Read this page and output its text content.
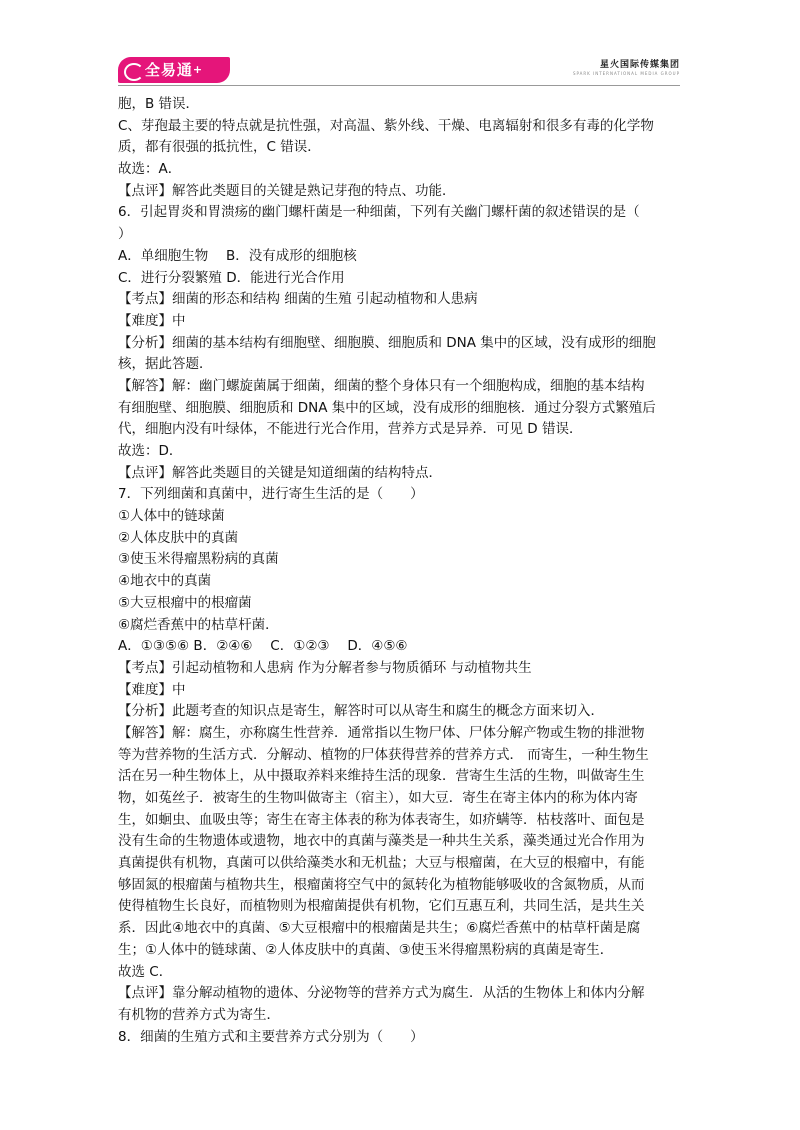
全易通+	星火国际传媒集团
SPARK INTERNATIONAL MEDIA GROUP
胞，B 错误．
C、芽孢最主要的特点就是抗性强，对高温、紫外线、干燥、电离辐射和很多有毒的化学物
质，都有很强的抵抗性，C 错误．
故选：A．
【点评】解答此类题目的关键是熟记芽孢的特点、功能．
6．引起胃炎和胃溃疡的幽门螺杆菌是一种细菌，下列有关幽门螺杆菌的叙述错误的是（
）
A．单细胞生物　 B．没有成形的细胞核
C．进行分裂繁殖 D．能进行光合作用
【考点】细菌的形态和结构 细菌的生殖 引起动植物和人患病
【难度】中
【分析】细菌的基本结构有细胞壁、细胞膜、细胞质和 DNA 集中的区域，没有成形的细胞
核，据此答题．
【解答】解：幽门螺旋菌属于细菌，细菌的整个身体只有一个细胞构成，细胞的基本结构
有细胞壁、细胞膜、细胞质和 DNA 集中的区域，没有成形的细胞核．通过分裂方式繁殖后
代，细胞内没有叶绿体，不能进行光合作用，营养方式是异养．可见 D 错误．
故选：D．
【点评】解答此类题目的关键是知道细菌的结构特点．
7．下列细菌和真菌中，进行寄生生活的是（　　）
①人体中的链球菌
②人体皮肤中的真菌
③使玉米得瘤黑粉病的真菌
④地衣中的真菌
⑤大豆根瘤中的根瘤菌
⑥腐烂香蕉中的枯草杆菌．
A．①③⑤⑥ B．②④⑥　 C．①②③　 D．④⑤⑥
【考点】引起动植物和人患病 作为分解者参与物质循环 与动植物共生
【难度】中
【分析】此题考查的知识点是寄生，解答时可以从寄生和腐生的概念方面来切入．
【解答】解：腐生，亦称腐生性营养．通常指以生物尸体、尸体分解产物或生物的排泄物
等为营养物的生活方式．分解动、植物的尸体获得营养的营养方式． 而寄生，一种生物生
活在另一种生物体上，从中摄取养料来维持生活的现象．营寄生生活的生物，叫做寄生生
物，如菟丝子．被寄生的生物叫做寄主（宿主），如大豆．寄生在寄主体内的称为体内寄
生，如蛔虫、血吸虫等；寄生在寄主体表的称为体表寄生，如疥螨等．枯枝落叶、面包是
没有生命的生物遗体或遗物，地衣中的真菌与藻类是一种共生关系，藻类通过光合作用为
真菌提供有机物，真菌可以供给藻类水和无机盐；大豆与根瘤菌，在大豆的根瘤中，有能
够固氮的根瘤菌与植物共生，根瘤菌将空气中的氮转化为植物能够吸收的含氮物质，从而
使得植物生长良好，而植物则为根瘤菌提供有机物，它们互惠互利，共同生活，是共生关
系．因此④地衣中的真菌、⑤大豆根瘤中的根瘤菌是共生；⑥腐烂香蕉中的枯草杆菌是腐
生；①人体中的链球菌、②人体皮肤中的真菌、③使玉米得瘤黑粉病的真菌是寄生．
故选 C．
【点评】靠分解动植物的遗体、分泌物等的营养方式为腐生．从活的生物体上和体内分解
有机物的营养方式为寄生．
8．细菌的生殖方式和主要营养方式分别为（　　）
